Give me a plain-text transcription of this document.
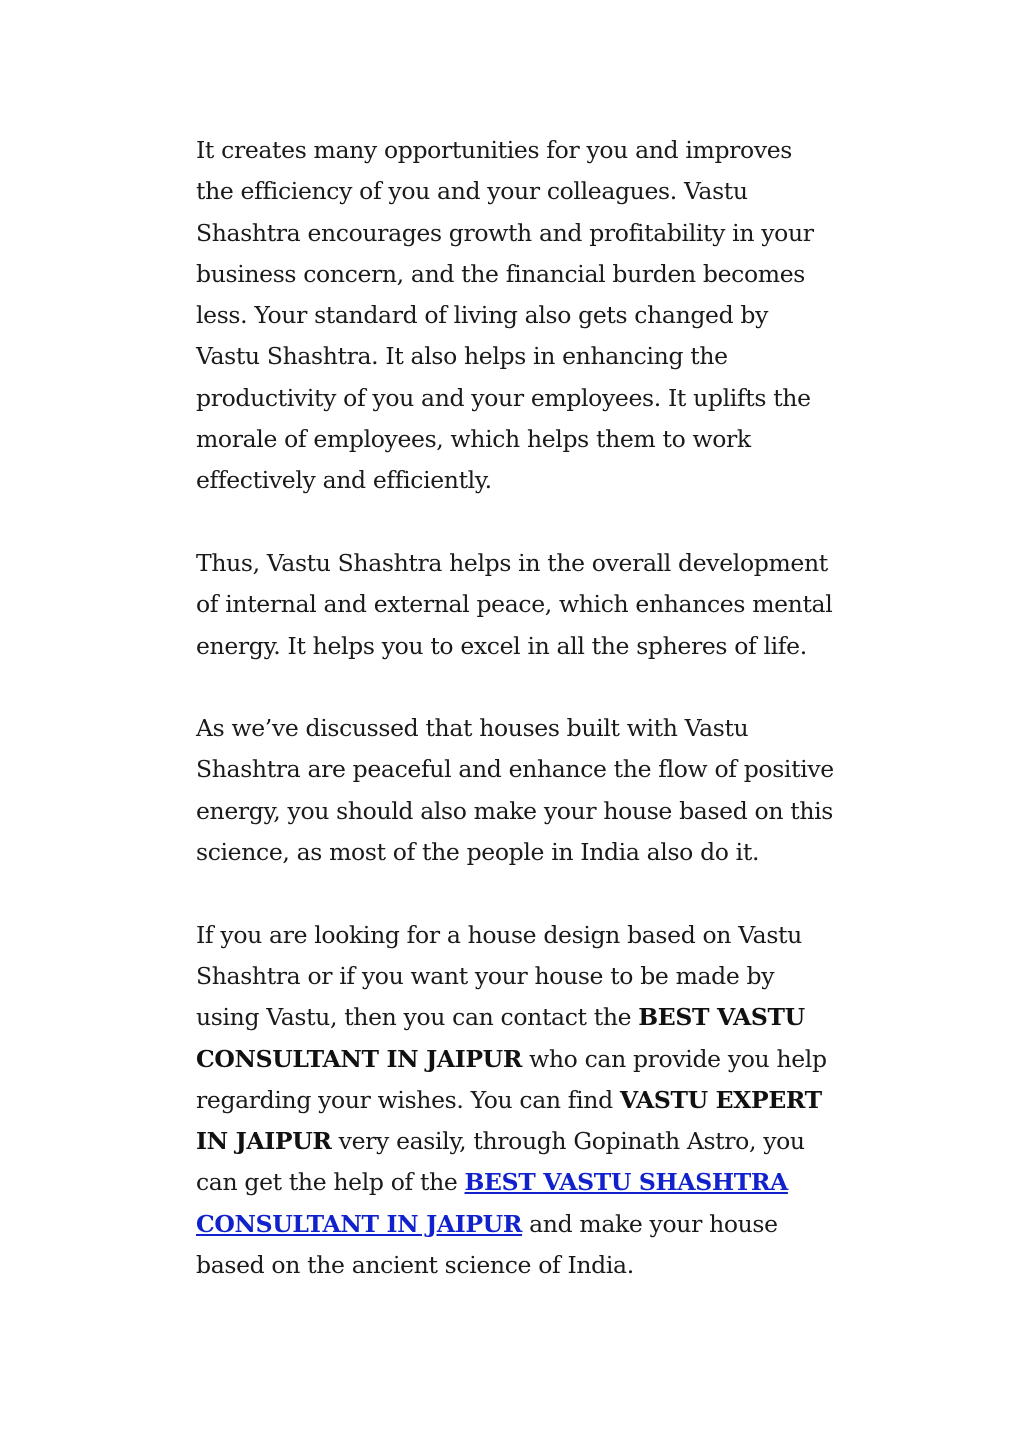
It creates many opportunities for you and improves the efficiency of you and your colleagues. Vastu Shashtra encourages growth and profitability in your business concern, and the financial burden becomes less. Your standard of living also gets changed by Vastu Shashtra. It also helps in enhancing the productivity of you and your employees. It uplifts the morale of employees, which helps them to work effectively and efficiently.

Thus, Vastu Shashtra helps in the overall development of internal and external peace, which enhances mental energy. It helps you to excel in all the spheres of life.

As we’ve discussed that houses built with Vastu Shashtra are peaceful and enhance the flow of positive energy, you should also make your house based on this science, as most of the people in India also do it.

If you are looking for a house design based on Vastu Shashtra or if you want your house to be made by using Vastu, then you can contact the BEST VASTU CONSULTANT IN JAIPUR who can provide you help regarding your wishes. You can find VASTU EXPERT IN JAIPUR very easily, through Gopinath Astro, you can get the help of the BEST VASTU SHASHTRA CONSULTANT IN JAIPUR and make your house based on the ancient science of India.
